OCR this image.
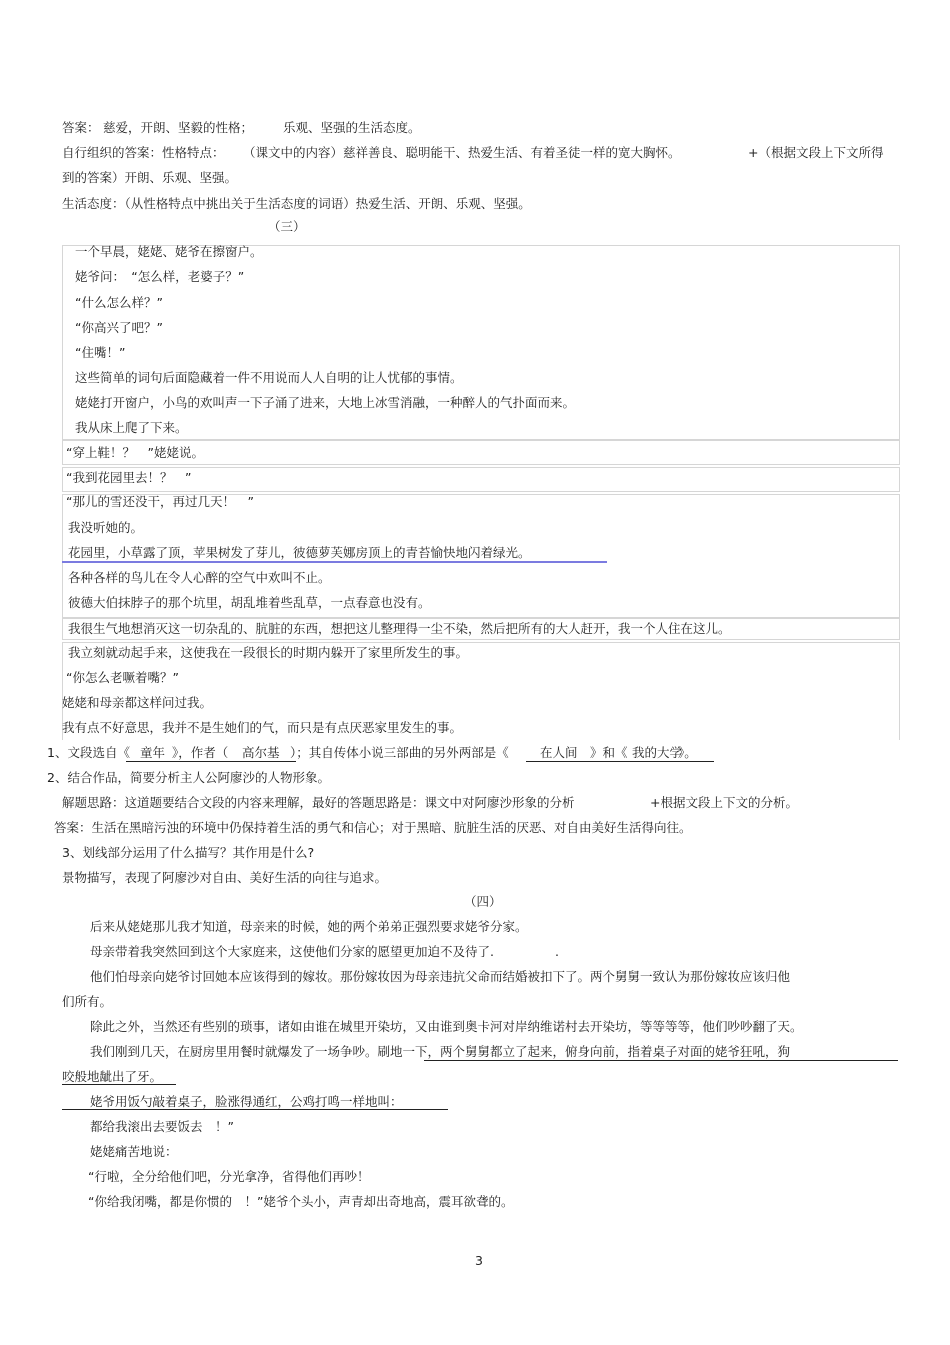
答案： 慈爱，开朗、坚毅的性格； 乐观、坚强的生活态度。
自行组织的答案：性格特点： （课文中的内容）慈祥善良、聪明能干、热爱生活、有着圣徒一样的宽大胸怀。	+（根据文段上下文所得
到的答案）开朗、乐观、坚强。
生活态度：（从性格特点中挑出关于生活态度的词语）热爱生活、开朗、乐观、坚强。
（三）
一个早晨，姥姥、姥爷在擦窗户。
姥爷问：　“怎么样，老婆子？”
“什么怎么样？”
“你高兴了吧？”
“住嘴！”
这些简单的词句后面隐藏着一件不用说而人人自明的让人忧郁的事情。
姥姥打开窗户，小鸟的欢叫声一下子涌了进来，大地上冰雪消融，一种醉人的气扑面而来。
我从床上爬了下来。
“穿上鞋！？　”姥姥说。
“我到花园里去！？　”
“那儿的雪还没干，再过几天！　”
我没听她的。
花园里，小草露了顶，苹果树发了芽儿，彼德萝芙娜房顶上的青苔愉快地闪着绿光。
各种各样的鸟儿在令人心醉的空气中欢叫不止。
彼德大伯抹脖子的那个坑里，胡乱堆着些乱草，一点春意也没有。
我很生气地想消灭这一切杂乱的、肮脏的东西，想把这儿整理得一尘不染，然后把所有的大人赶开，我一个人住在这儿。
我立刻就动起手来，这使我在一段很长的时期内躲开了家里所发生的事。
“你怎么老噘着嘴？”
姥姥和母亲都这样问过我。
我有点不好意思，我并不是生她们的气，而只是有点厌恶家里发生的事。
1、文段选自《 童年 》，作者（ 高尔基 ）；其自传体小说三部曲的另外两部是《 在人间 》和《 我的大学
》。
2、结合作品，简要分析主人公阿廖沙的人物形象。
解题思路：这道题要结合文段的内容来理解，最好的答题思路是：课文中对阿廖沙形象的分析	+根据文段上下文的分析。
答案：生活在黑暗污浊的环境中仍保持着生活的勇气和信心；对于黑暗、肮脏生活的厌恶、对自由美好生活得向往。
3、划线部分运用了什么描写？其作用是什么?
景物描写，表现了阿廖沙对自由、美好生活的向往与追求。
（四）
后来从姥姥那儿我才知道，母亲来的时候，她的两个弟弟正强烈要求姥爷分家。
母亲带着我突然回到这个大家庭来，这使他们分家的愿望更加迫不及待了.	.
他们怕母亲向姥爷讨回她本应该得到的嫁妆。那份嫁妆因为母亲违抗父命而结婚被扣下了。两个舅舅一致认为那份嫁妆应该归他
们所有。
除此之外，当然还有些别的琐事，诸如由谁在城里开染坊，又由谁到奥卡河对岸纳维诺村去开染坊，等等等等，他们吵吵翻了天。
我们刚到几天，在厨房里用餐时就爆发了一场争吵。刷地一下，两个舅舅都立了起来，俯身向前，指着桌子对面的姥爷狂吼，狗
咬般地龇出了牙。
姥爷用饭勺敲着桌子，脸涨得通红，公鸡打鸣一样地叫：
都给我滚出去要饭去　！”
姥姥痛苦地说：
“行啦，全分给他们吧，分光拿净，省得他们再吵！
“你给我闭嘴，都是你惯的　！”姥爷个头小，声青却出奇地高，震耳欲聋的。
3
